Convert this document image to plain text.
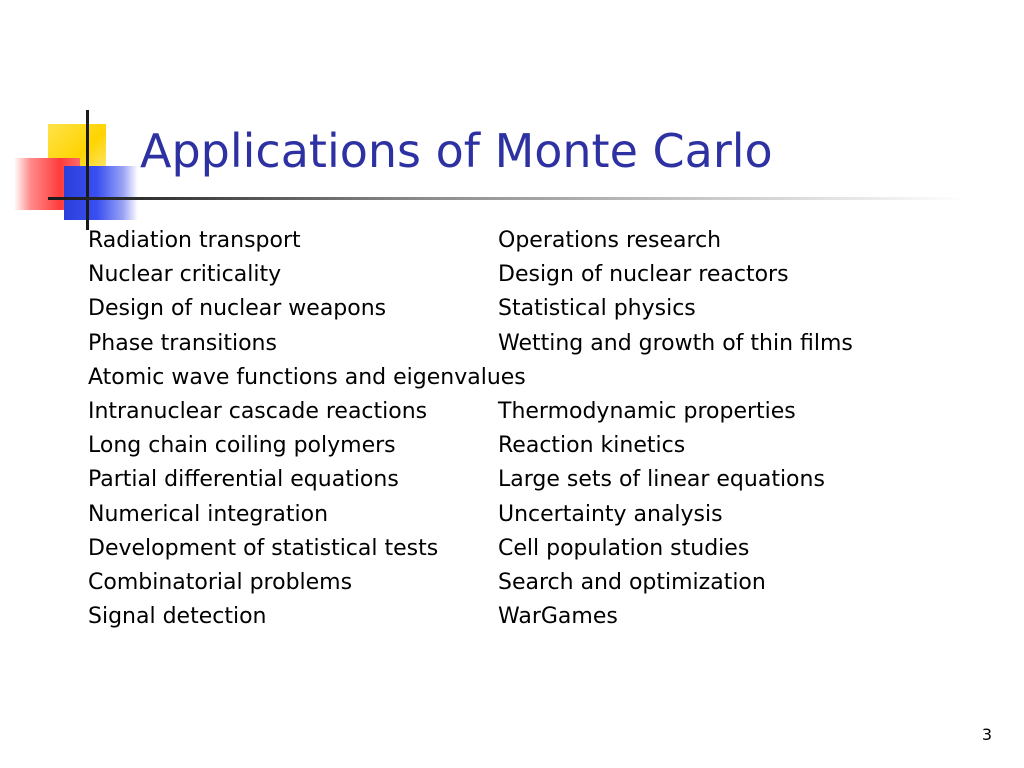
Applications of Monte Carlo
Radiation transport	Operations research
Nuclear criticality	Design of nuclear reactors
Design of nuclear weapons	Statistical physics
Phase transitions	Wetting and growth of thin films
Atomic wave functions and eigenvalues
Intranuclear cascade reactions	Thermodynamic properties
Long chain coiling polymers	Reaction kinetics
Partial differential equations	Large sets of linear equations
Numerical integration	Uncertainty analysis
Development of statistical tests	Cell population studies
Combinatorial problems	Search and optimization
Signal detection	WarGames
3
